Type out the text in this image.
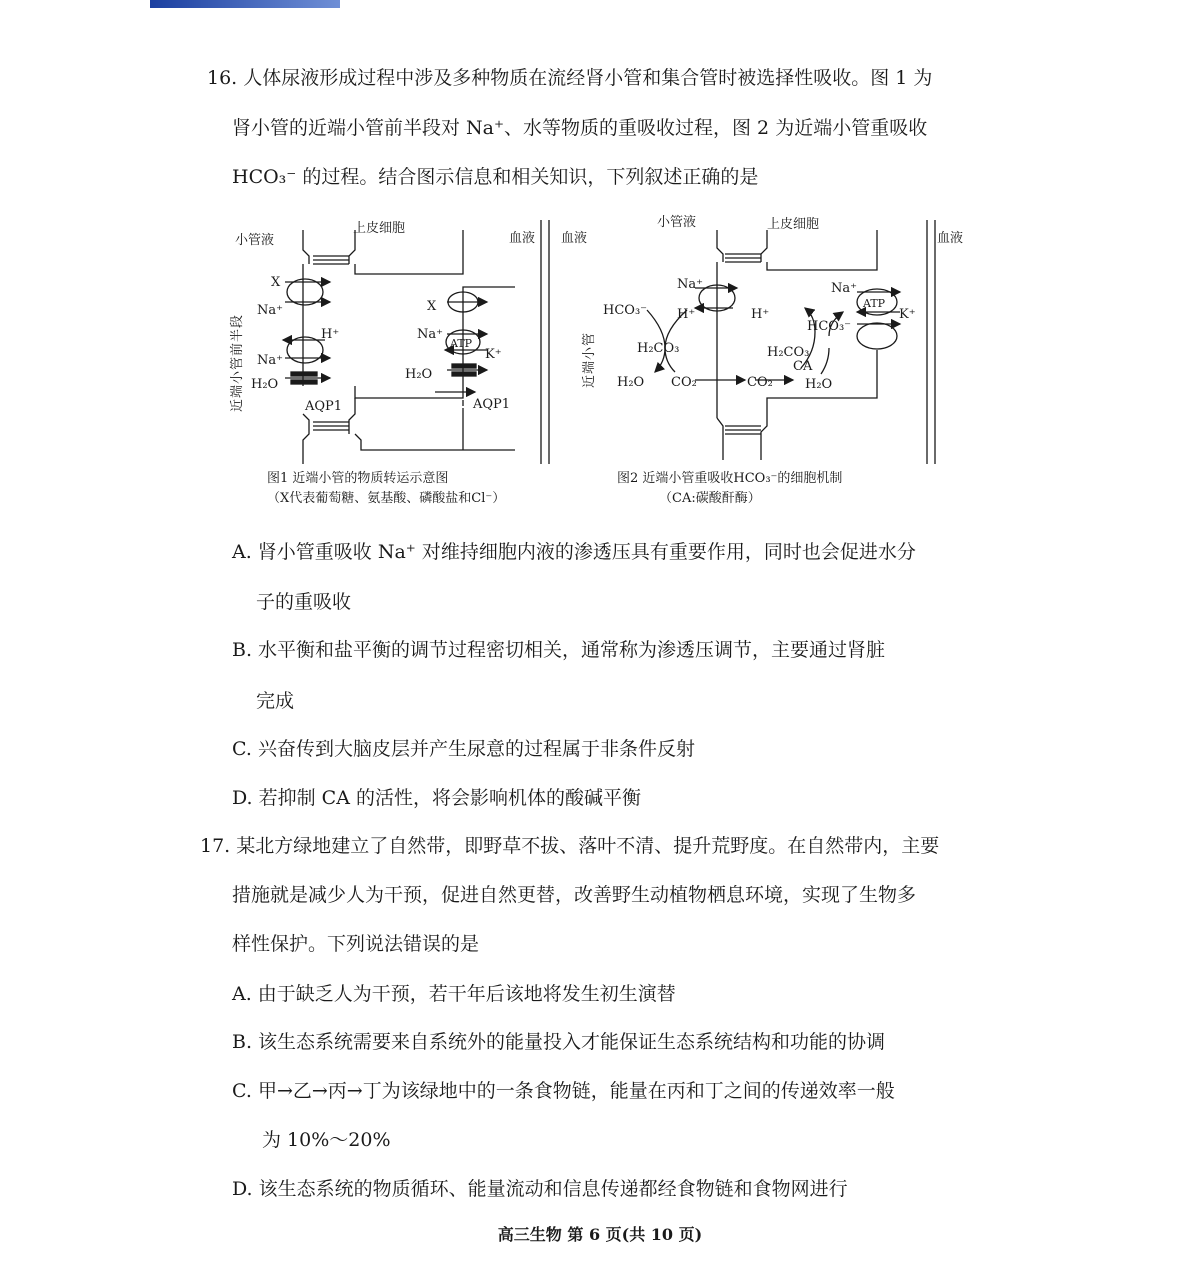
16. 人体尿液形成过程中涉及多种物质在流经肾小管和集合管时被选择性吸收。图 1 为
肾小管的近端小管前半段对 Na⁺、水等物质的重吸收过程，图 2 为近端小管重吸收
HCO₃⁻ 的过程。结合图示信息和相关知识，下列叙述正确的是
小管液
上皮细胞
X
Na⁺
H⁺
Na⁺
H₂O
AQP1
X
Na⁺
ATP
K⁺
H₂O
AQP1
血液
近端小管前半段
图1 近端小管的物质转运示意图
（X代表葡萄糖、氨基酸、磷酸盐和Cl⁻）
小管液	上皮细胞
血液	血液
Na⁺
H⁺
HCO₃⁻
H₂CO₃
H₂O CO₂
H⁺
CO₂
H₂CO₃
CA
H₂O
HCO₃⁻
Na⁺
ATP
K⁺
近端小管
图2 近端小管重吸收HCO₃⁻的细胞机制
（CA:碳酸酐酶）
A. 肾小管重吸收 Na⁺ 对维持细胞内液的渗透压具有重要作用，同时也会促进水分
子的重吸收
B. 水平衡和盐平衡的调节过程密切相关，通常称为渗透压调节，主要通过肾脏
完成
C. 兴奋传到大脑皮层并产生尿意的过程属于非条件反射
D. 若抑制 CA 的活性，将会影响机体的酸碱平衡
17. 某北方绿地建立了自然带，即野草不拔、落叶不清、提升荒野度。在自然带内，主要
措施就是减少人为干预，促进自然更替，改善野生动植物栖息环境，实现了生物多
样性保护。下列说法错误的是
A. 由于缺乏人为干预，若干年后该地将发生初生演替
B. 该生态系统需要来自系统外的能量投入才能保证生态系统结构和功能的协调
C. 甲→乙→丙→丁为该绿地中的一条食物链，能量在丙和丁之间的传递效率一般
为 10%～20%
D. 该生态系统的物质循环、能量流动和信息传递都经食物链和食物网进行
高三生物 第 6 页(共 10 页)
